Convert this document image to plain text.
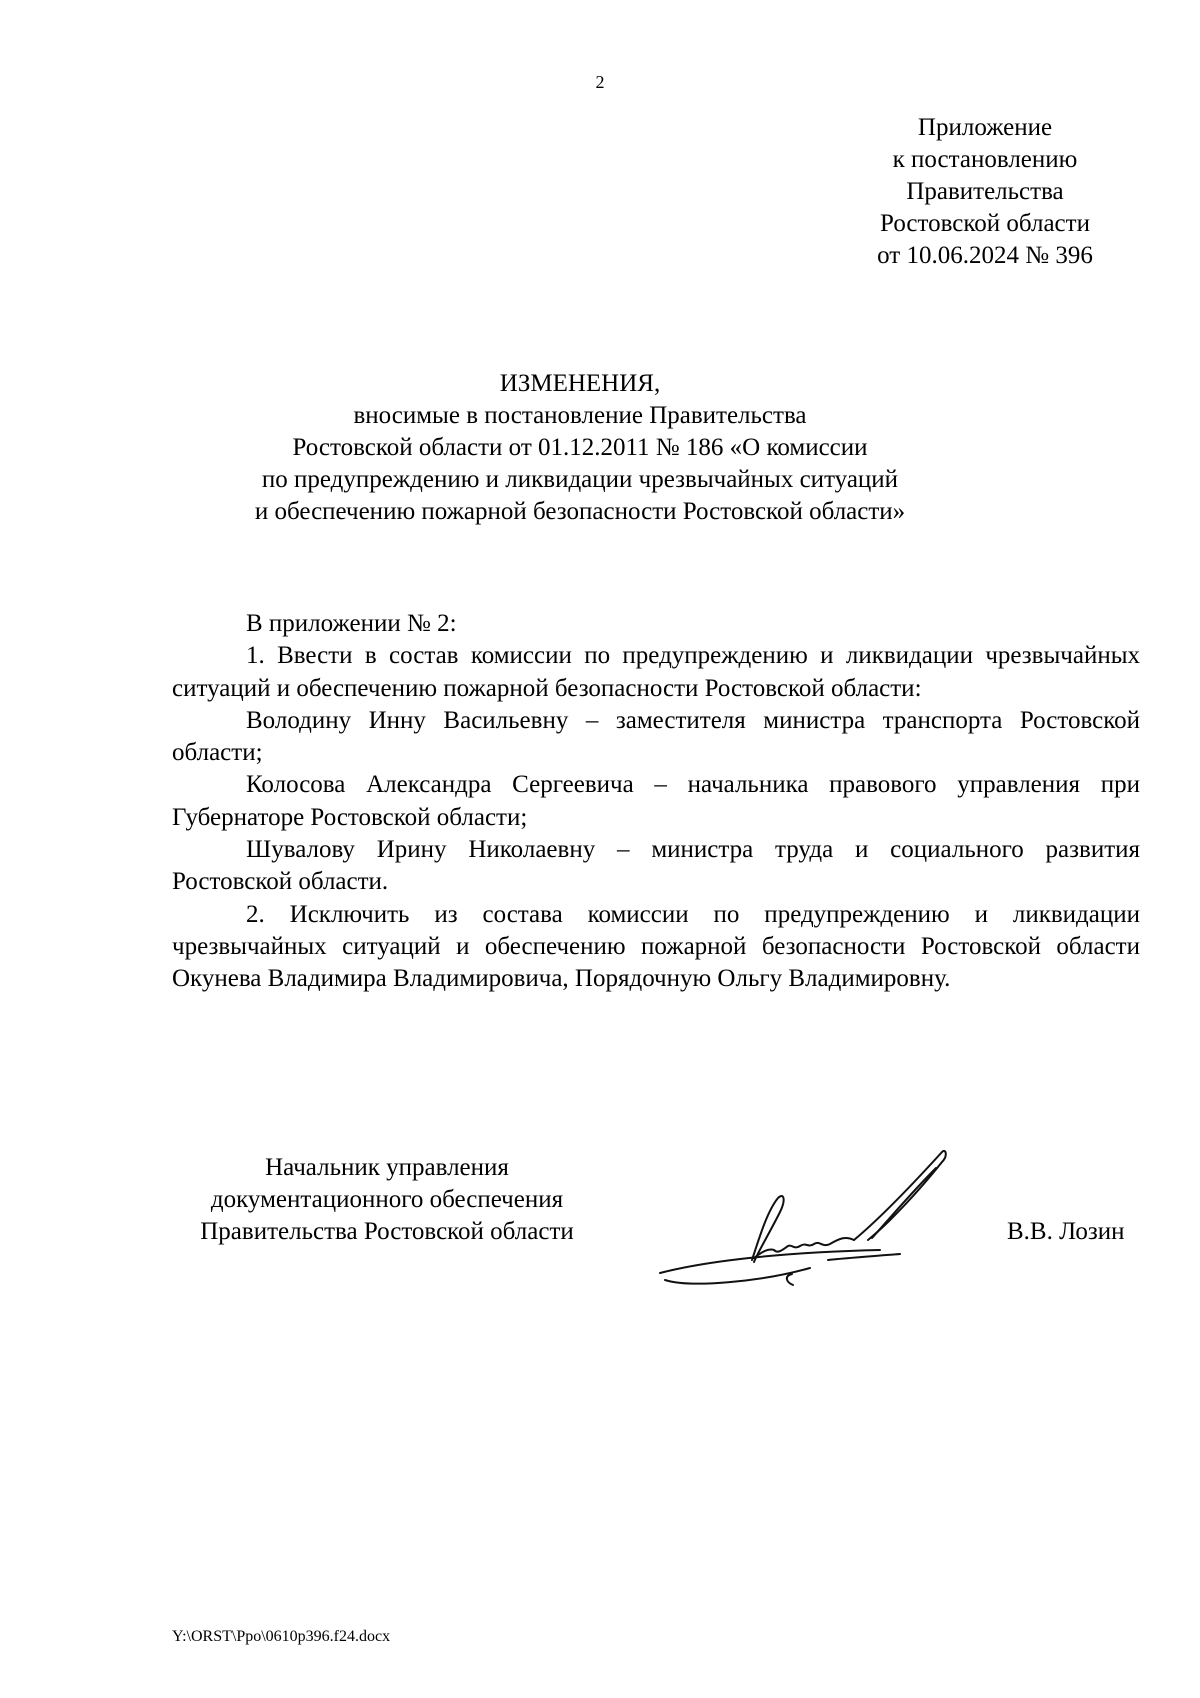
2
Приложение
к постановлению
Правительства
Ростовской области
от 10.06.2024 № 396
ИЗМЕНЕНИЯ,
вносимые в постановление Правительства
Ростовской области от 01.12.2011 № 186 «О комиссии
по предупреждению и ликвидации чрезвычайных ситуаций
и обеспечению пожарной безопасности Ростовской области»

В приложении № 2:

1. Ввести в состав комиссии по предупреждению и ликвидации чрезвычайных ситуаций и обеспечению пожарной безопасности Ростовской области:

Володину Инну Васильевну – заместителя министра транспорта Ростовской области;

Колосова Александра Сергеевича – начальника правового управления при Губернаторе Ростовской области;

Шувалову Ирину Николаевну – министра труда и социального развития Ростовской области.

2. Исключить из состава комиссии по предупреждению и ликвидации чрезвычайных ситуаций и обеспечению пожарной безопасности Ростовской области Окунева Владимира Владимировича, Порядочную Ольгу Владимировну.

Начальник управления
документационного обеспечения
Правительства Ростовской области	В.В. Лозин
Y:\ORST\Ppo\0610p396.f24.docx
